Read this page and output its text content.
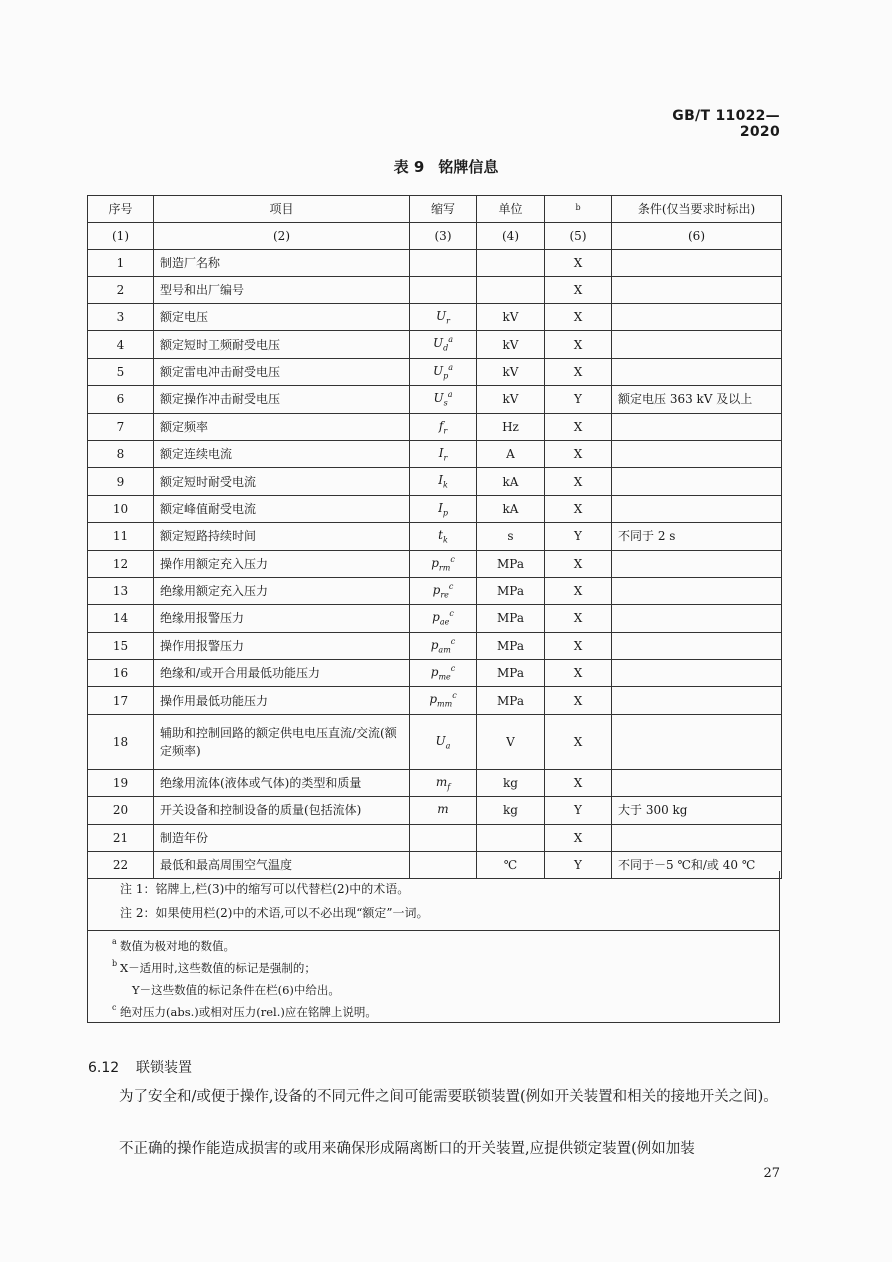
GB/T 11022—2020
表 9 铭牌信息
序号	项目	缩写	单位	$^b$	条件(仅当要求时标出)
(1)	(2)	(3)	(4)	(5)	(6)
1	制造厂名称			X	
2	型号和出厂编号			X	
3	额定电压	$U_r$	kV	X	
4	额定短时工频耐受电压	$U_d^a$	kV	X	
5	额定雷电冲击耐受电压	$U_p^a$	kV	X	
6	额定操作冲击耐受电压	$U_s^a$	kV	Y	额定电压 363 kV 及以上
7	额定频率	$f_r$	Hz	X	
8	额定连续电流	$I_r$	A	X	
9	额定短时耐受电流	$I_k$	kA	X	
10	额定峰值耐受电流	$I_p$	kA	X	
11	额定短路持续时间	$t_k$	s	Y	不同于 2 s
12	操作用额定充入压力	$p_{rm}^c$	MPa	X	
13	绝缘用额定充入压力	$p_{re}^c$	MPa	X	
14	绝缘用报警压力	$p_{ae}^c$	MPa	X	
15	操作用报警压力	$p_{am}^c$	MPa	X	
16	绝缘和/或开合用最低功能压力	$p_{me}^c$	MPa	X	
17	操作用最低功能压力	$p_{mm}^c$	MPa	X	
18	辅助和控制回路的额定供电电压直流/交流(额定频率)	$U_a$	V	X	
19	绝缘用流体(液体或气体)的类型和质量	$m_f$	kg	X	
20	开关设备和控制设备的质量(包括流体)	m	kg	Y	大于 300 kg
21	制造年份			X	
22	最低和最高周围空气温度		℃	Y	不同于－5 ℃和/或 40 ℃
注 1：铭牌上,栏(3)中的缩写可以代替栏(2)中的术语。
注 2：如果使用栏(2)中的术语,可以不必出现“额定”一词。
a 数值为极对地的数值。
b X－适用时,这些数值的标记是强制的；
Y－这些数值的标记条件在栏(6)中给出。
c 绝对压力(abs.)或相对压力(rel.)应在铭牌上说明。
6.12 联锁装置
为了安全和/或便于操作,设备的不同元件之间可能需要联锁装置(例如开关装置和相关的接地开关之间)。
不正确的操作能造成损害的或用来确保形成隔离断口的开关装置,应提供锁定装置(例如加装
27
